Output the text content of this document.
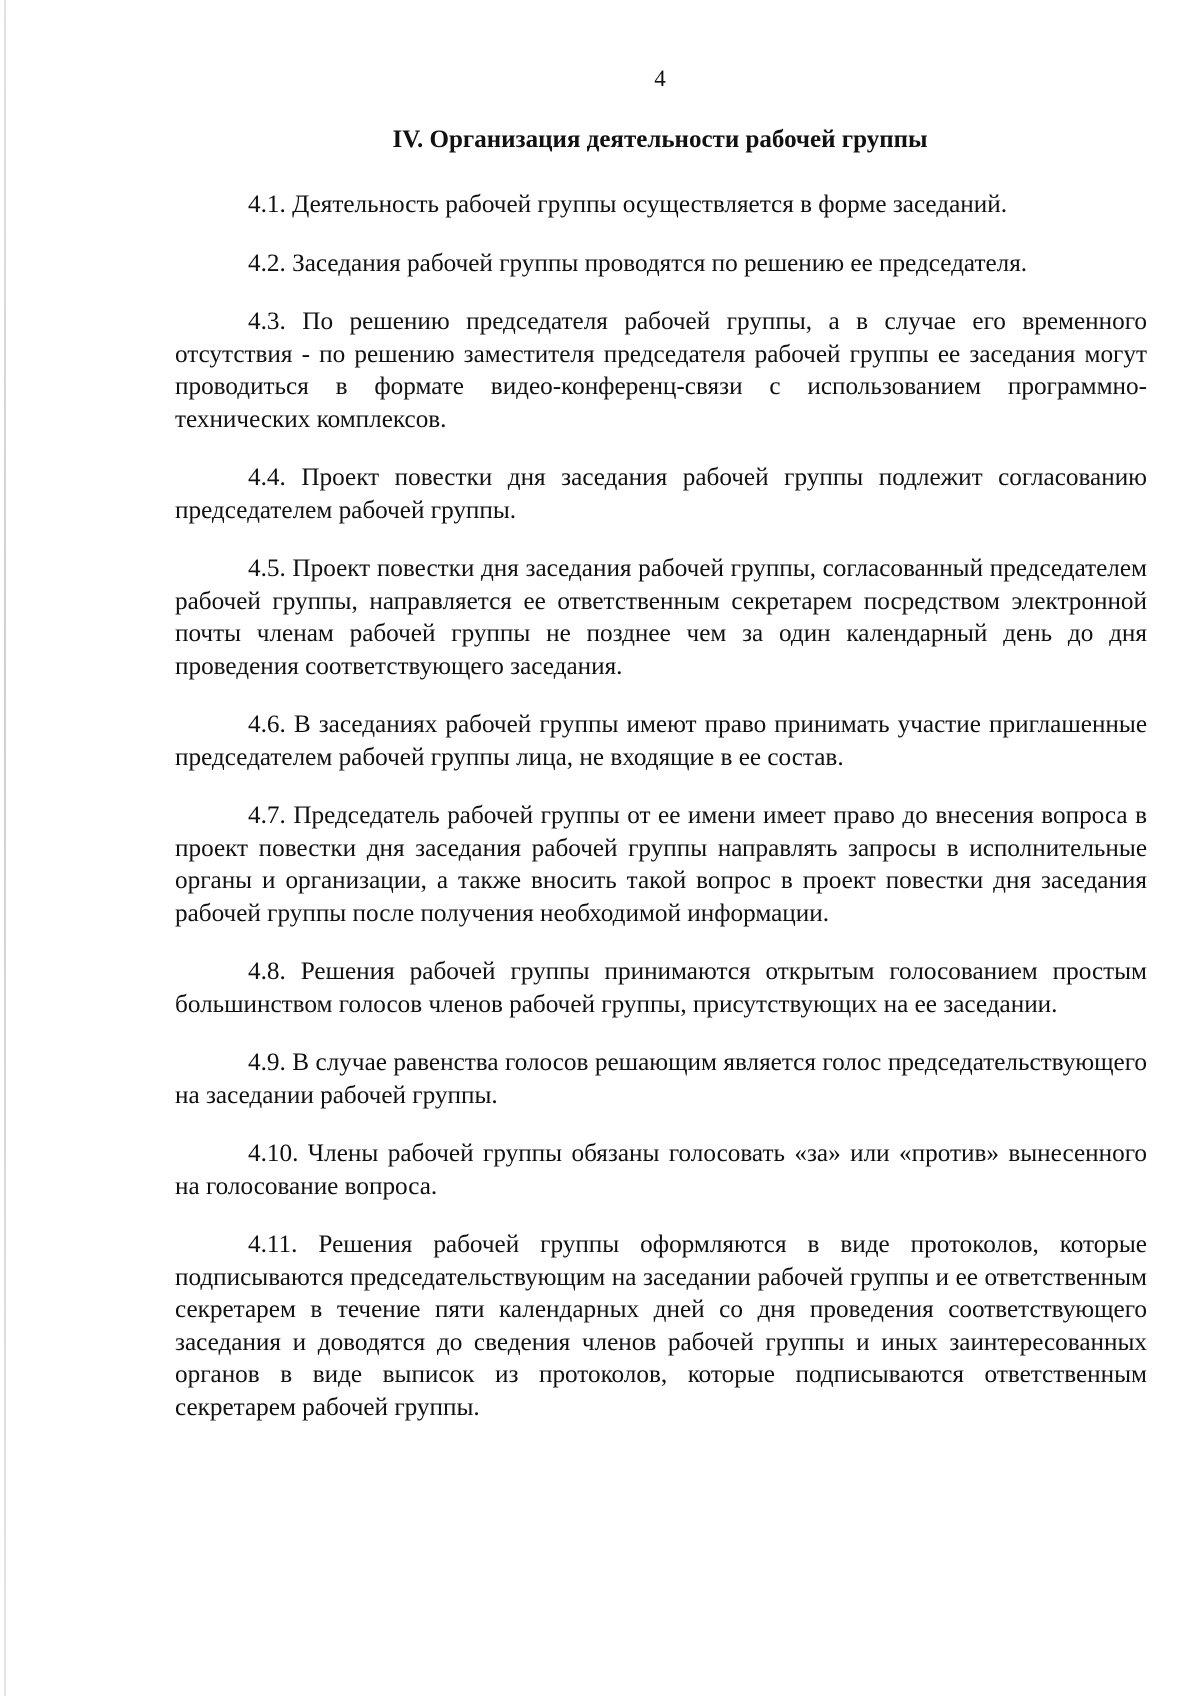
4
IV. Организация деятельности рабочей группы

4.1. Деятельность рабочей группы осуществляется в форме заседаний.

4.2. Заседания рабочей группы проводятся по решению ее председателя.

4.3. По решению председателя рабочей группы, а в случае его временного отсутствия - по решению заместителя председателя рабочей группы ее заседания могут проводиться в формате видео-конференц-связи с использованием программно-технических комплексов.

4.4. Проект повестки дня заседания рабочей группы подлежит согласованию председателем рабочей группы.

4.5. Проект повестки дня заседания рабочей группы, согласованный председателем рабочей группы, направляется ее ответственным секретарем посредством электронной почты членам рабочей группы не позднее чем за один календарный день до дня проведения соответствующего заседания.

4.6. В заседаниях рабочей группы имеют право принимать участие приглашенные председателем рабочей группы лица, не входящие в ее состав.

4.7. Председатель рабочей группы от ее имени имеет право до внесения вопроса в проект повестки дня заседания рабочей группы направлять запросы в исполнительные органы и организации, а также вносить такой вопрос в проект повестки дня заседания рабочей группы после получения необходимой информации.

4.8. Решения рабочей группы принимаются открытым голосованием простым большинством голосов членов рабочей группы, присутствующих на ее заседании.

4.9. В случае равенства голосов решающим является голос председательствующего на заседании рабочей группы.

4.10. Члены рабочей группы обязаны голосовать «за» или «против» вынесенного на голосование вопроса.

4.11. Решения рабочей группы оформляются в виде протоколов, которые подписываются председательствующим на заседании рабочей группы и ее ответственным секретарем в течение пяти календарных дней со дня проведения соответствующего заседания и доводятся до сведения членов рабочей группы и иных заинтересованных органов в виде выписок из протоколов, которые подписываются ответственным секретарем рабочей группы.
